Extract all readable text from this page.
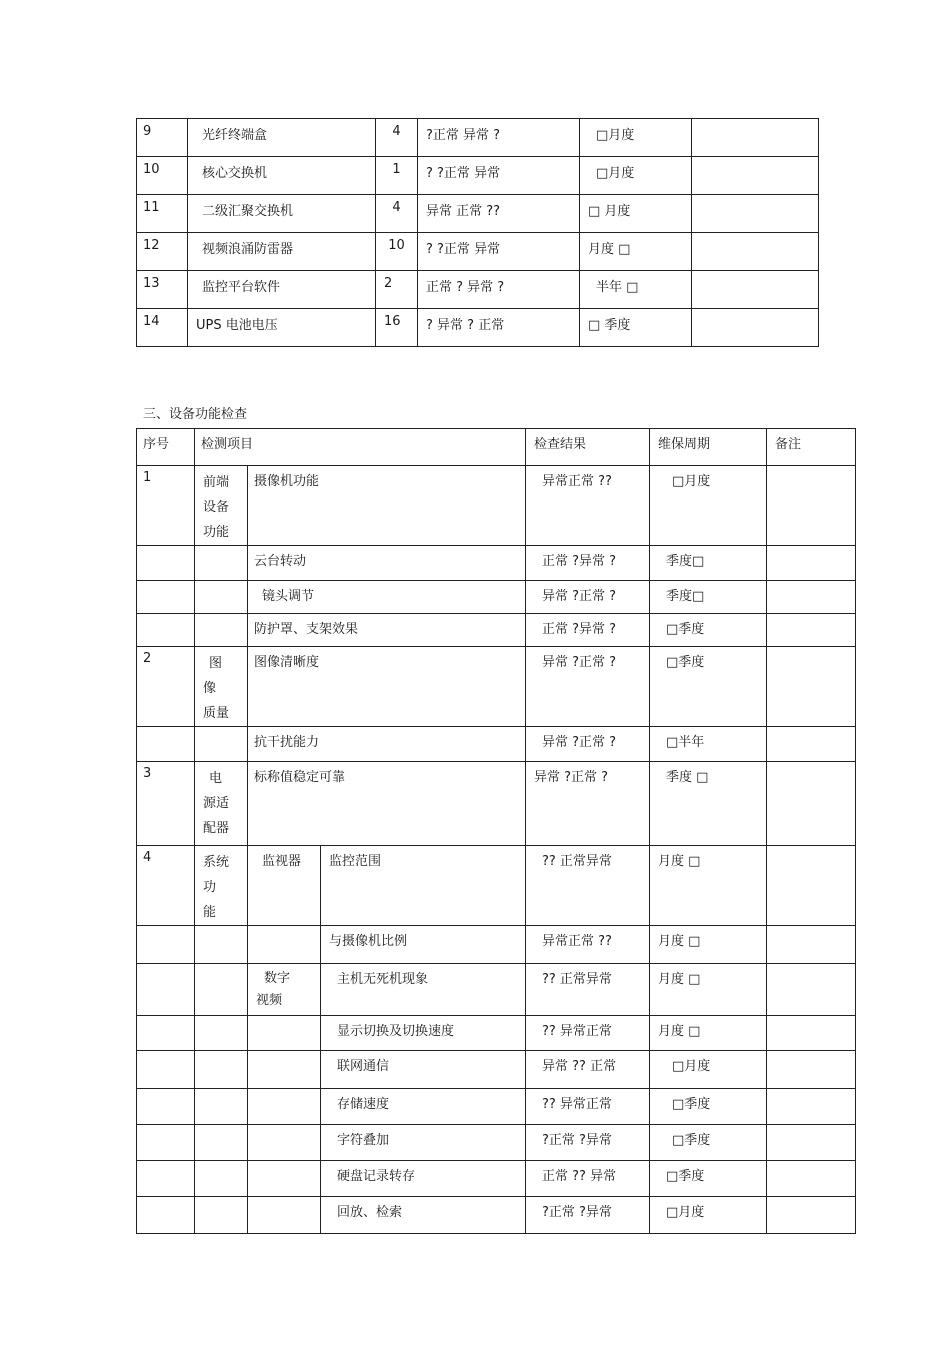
9	光纤终端盒	4	?正常 异常 ?	□月度	
10	核心交换机	1	? ?正常 异常	□月度	
11	二级汇聚交换机	4	异常 正常 ??	□ 月度	
12	视频浪涌防雷器	10	? ?正常 异常	月度 □	
13	监控平台软件	2	正常 ? 异常 ?	半年 □	
14	UPS 电池电压	16	? 异常 ? 正常	□ 季度	
三、设备功能检查
序号	检测项目			检查结果	维保周期	备注
1	前端
设备
功能	摄像机功能		异常正常 ??	□月度	
		云台转动		正常 ?异常 ?	季度□	
		镜头调节		异常 ?正常 ?	季度□	
		防护罩、支架效果		正常 ?异常 ?	□季度	
2	图
像
质量	图像清晰度		异常 ?正常 ?	□季度	
		抗干扰能力		异常 ?正常 ?	□半年	
3	电
源适
配器	标称值稳定可靠		异常 ?正常 ?	季度 □	
4	系统
功
能	监视器	监控范围	?? 正常异常	月度 □	
			与摄像机比例	异常正常 ??	月度 □	

		数字
视频	主机无死机现象	?? 正常异常	月度 □	
			显示切换及切换速度	?? 异常正常	月度 □	
			联网通信	异常 ?? 正常	□月度	
			存储速度	?? 异常正常	□季度	
			字符叠加	?正常 ?异常	□季度	
			硬盘记录转存	正常 ?? 异常	□季度	
			回放、检索	?正常 ?异常	□月度	
